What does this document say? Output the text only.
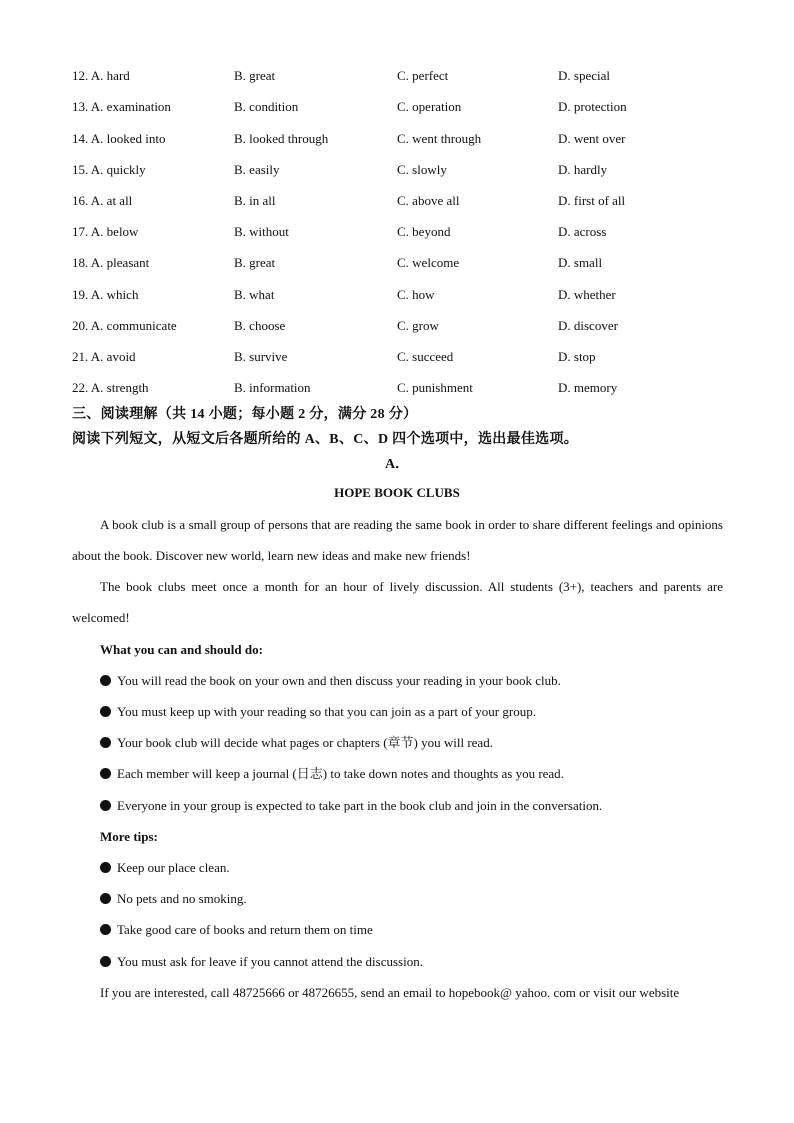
12. A. hard	B. great	C. perfect	D. special
13. A. examination	B. condition	C. operation	D. protection
14. A. looked into	B. looked through	C. went through	D. went over
15. A. quickly	B. easily	C. slowly	D. hardly
16. A. at all	B. in all	C. above all	D. first of all
17. A. below	B. without	C. beyond	D. across
18. A. pleasant	B. great	C. welcome	D. small
19. A. which	B. what	C. how	D. whether
20. A. communicate	B. choose	C. grow	D. discover
21. A. avoid	B. survive	C. succeed	D. stop
22. A. strength	B. information	C. punishment	D. memory
三、阅读理解（共 14 小题；每小题 2 分，满分 28 分）
阅读下列短文，从短文后各题所给的 A、B、C、D 四个选项中，选出最佳选项。
A．
HOPE BOOK CLUBS

A book club is a small group of persons that are reading the same book in order to share different feelings and opinions about the book. Discover new world, learn new ideas and make new friends!

The book clubs meet once a month for an hour of lively discussion. All students (3+), teachers and parents are welcomed!

What you can and should do:
You will read the book on your own and then discuss your reading in your book club.
You must keep up with your reading so that you can join as a part of your group.
Your book club will decide what pages or chapters (章节) you will read.
Each member will keep a journal (日志) to take down notes and thoughts as you read.
Everyone in your group is expected to take part in the book club and join in the conversation.
More tips:
Keep our place clean.
No pets and no smoking.
Take good care of books and return them on time
You must ask for leave if you cannot attend the discussion.
If you are interested, call 48725666 or 48726655, send an email to hopebook@ yahoo. com or visit our website
